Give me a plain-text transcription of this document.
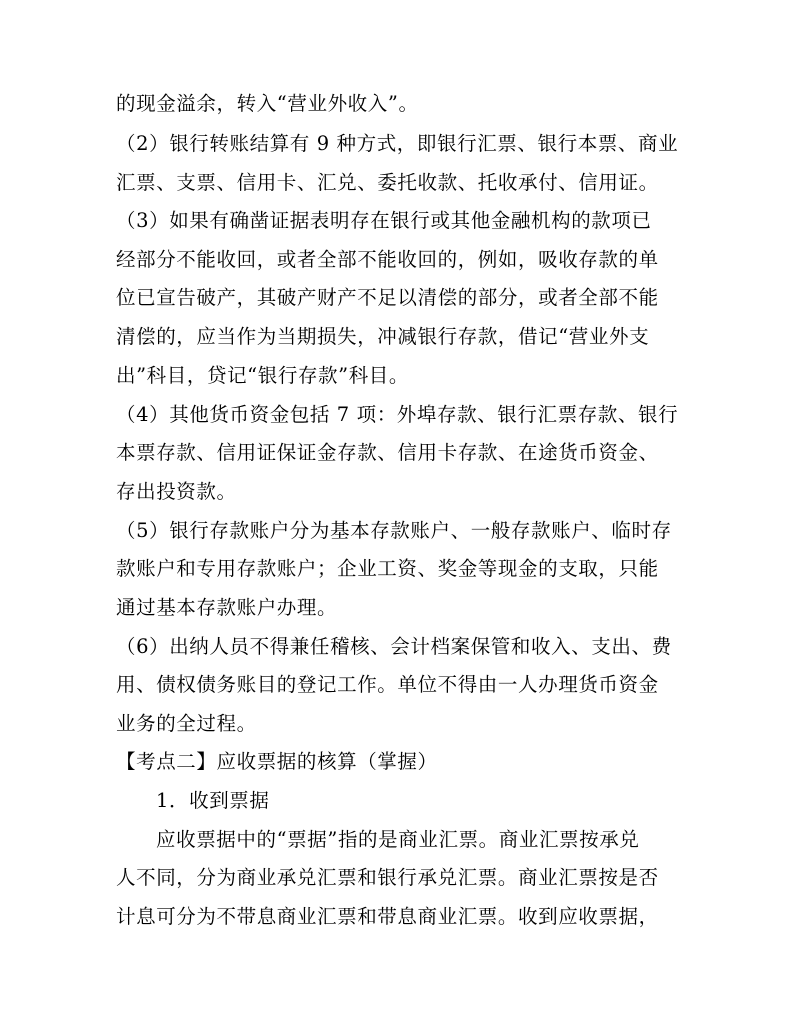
的现金溢余，转入“营业外收入”。
（2）银行转账结算有 9 种方式，即银行汇票、银行本票、商业
汇票、支票、信用卡、汇兑、委托收款、托收承付、信用证。
（3）如果有确凿证据表明存在银行或其他金融机构的款项已
经部分不能收回，或者全部不能收回的，例如，吸收存款的单
位已宣告破产，其破产财产不足以清偿的部分，或者全部不能
清偿的，应当作为当期损失，冲减银行存款，借记“营业外支
出”科目，贷记“银行存款”科目。
（4）其他货币资金包括 7 项：外埠存款、银行汇票存款、银行
本票存款、信用证保证金存款、信用卡存款、在途货币资金、
存出投资款。
（5）银行存款账户分为基本存款账户、一般存款账户、临时存
款账户和专用存款账户；企业工资、奖金等现金的支取，只能
通过基本存款账户办理。
（6）出纳人员不得兼任稽核、会计档案保管和收入、支出、费
用、债权债务账目的登记工作。单位不得由一人办理货币资金
业务的全过程。
【考点二】应收票据的核算（掌握）
1．收到票据
应收票据中的“票据”指的是商业汇票。商业汇票按承兑
人不同，分为商业承兑汇票和银行承兑汇票。商业汇票按是否
计息可分为不带息商业汇票和带息商业汇票。收到应收票据，
